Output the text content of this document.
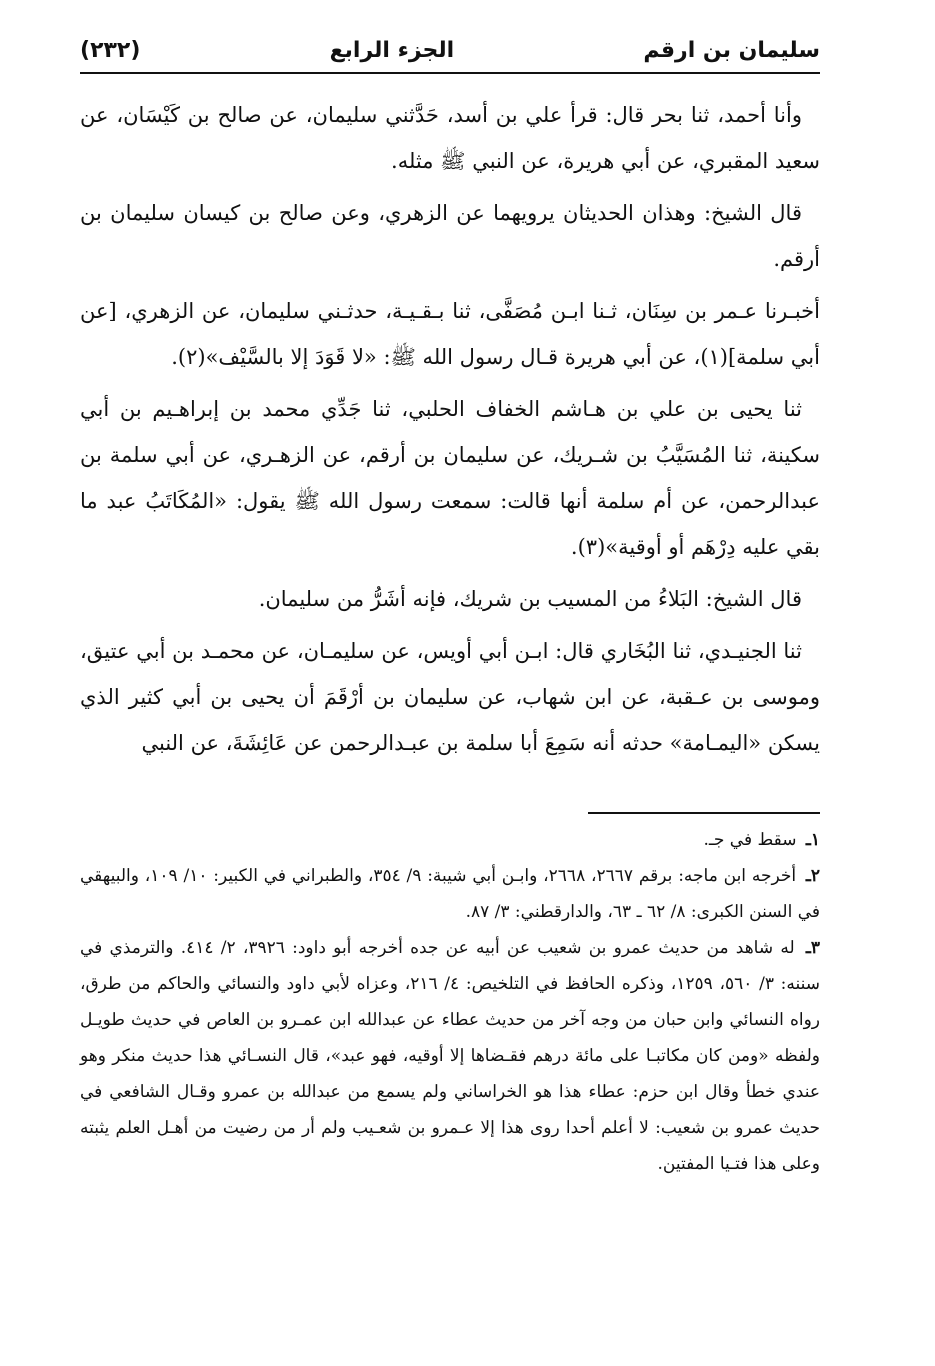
سليمان بن ارقم
الجزء الرابع
(٢٣٢)

وأنا أحمد، ثنا بحر قال: قرأ علي بن أسد، حَدَّثني سليمان، عن صالح بن كَيْسَان، عن سعيد المقبري، عن أبي هريرة، عن النبي ﷺ مثله.

قال الشيخ: وهذان الحديثان يرويهما عن الزهري، وعن صالح بن كيسان سليمان بن أرقم.

أخبـرنا عـمر بن سِنَان، ثـنا ابـن مُصَفَّى، ثنا بـقـيـة، حدثـني سليمان، عن الزهري، [عن أبي سلمة](١)، عن أبي هريرة قـال رسول الله ﷺ: «لا قَوَدَ إلا بالسَّيْف»(٢).

ثنا يحيى بن علي بن هـاشم الخفاف الحلبي، ثنا جَدِّي محمد بن إبراهـيم بن أبي سكينة، ثنا المُسَيَّبُ بن شـريك، عن سليمان بن أرقم، عن الزهـري، عن أبي سلمة بن عبدالرحمن، عن أم سلمة أنها قالت: سمعت رسول الله ﷺ يقول: «المُكَاتَبُ عبد ما بقي عليه دِرْهَم أو أوقية»(٣).

قال الشيخ: البَلاءُ من المسيب بن شريك، فإنه أشَرُّ من سليمان.

ثنا الجنيـدي، ثنا البُخَاري قال: ابـن أبي أويس، عن سليمـان، عن محمـد بن أبي عتيق، وموسى بن عـقبة، عن ابن شهاب، عن سليمان بن أرْقَمَ أن يحيى بن أبي كثير الذي يسكن «اليمـامة» حدثه أنه سَمِعَ أبا سلمة بن عبـدالرحمن عن عَائِشَةَ، عن النبي

١ـ سقط في جـ.

٢ـ أخرجه ابن ماجه: برقم ٢٦٦٧، ٢٦٦٨، وابـن أبي شيبة: ٩/ ٣٥٤، والطبراني في الكبير: ١٠/ ١٠٩، والبيهقي في السنن الكبرى: ٨/ ٦٢ ـ ٦٣، والدارقطني: ٣/ ٨٧.

٣ـ له شاهد من حديث عمرو بن شعيب عن أبيه عن جده أخرجه أبو داود: ٣٩٢٦، ٢/ ٤١٤. والترمذي في سننه: ٣/ ٥٦٠، ١٢٥٩، وذكره الحافظ في التلخيص: ٤/ ٢١٦، وعزاه لأبي داود والنسائي والحاكم من طرق، رواه النسائي وابن حبان من وجه آخر من حديث عطاء عن عبدالله ابن عمـرو بن العاص في حديث طويـل ولفظه «ومن كان مكاتبـا على مائة درهم فقـضاها إلا أوقيه، فهو عبد»، قال النسـائي هذا حديث منكر وهو عندي خطأ وقال ابن حزم: عطاء هذا هو الخراساني ولم يسمع من عبدالله بن عمرو وقـال الشافعي في حديث عمرو بن شعيب: لا أعلم أحدا روى هذا إلا عـمرو بن شعـيب ولم أر من رضيت من أهـل العلم يثبته وعلى هذا فتـيا المفتين.
